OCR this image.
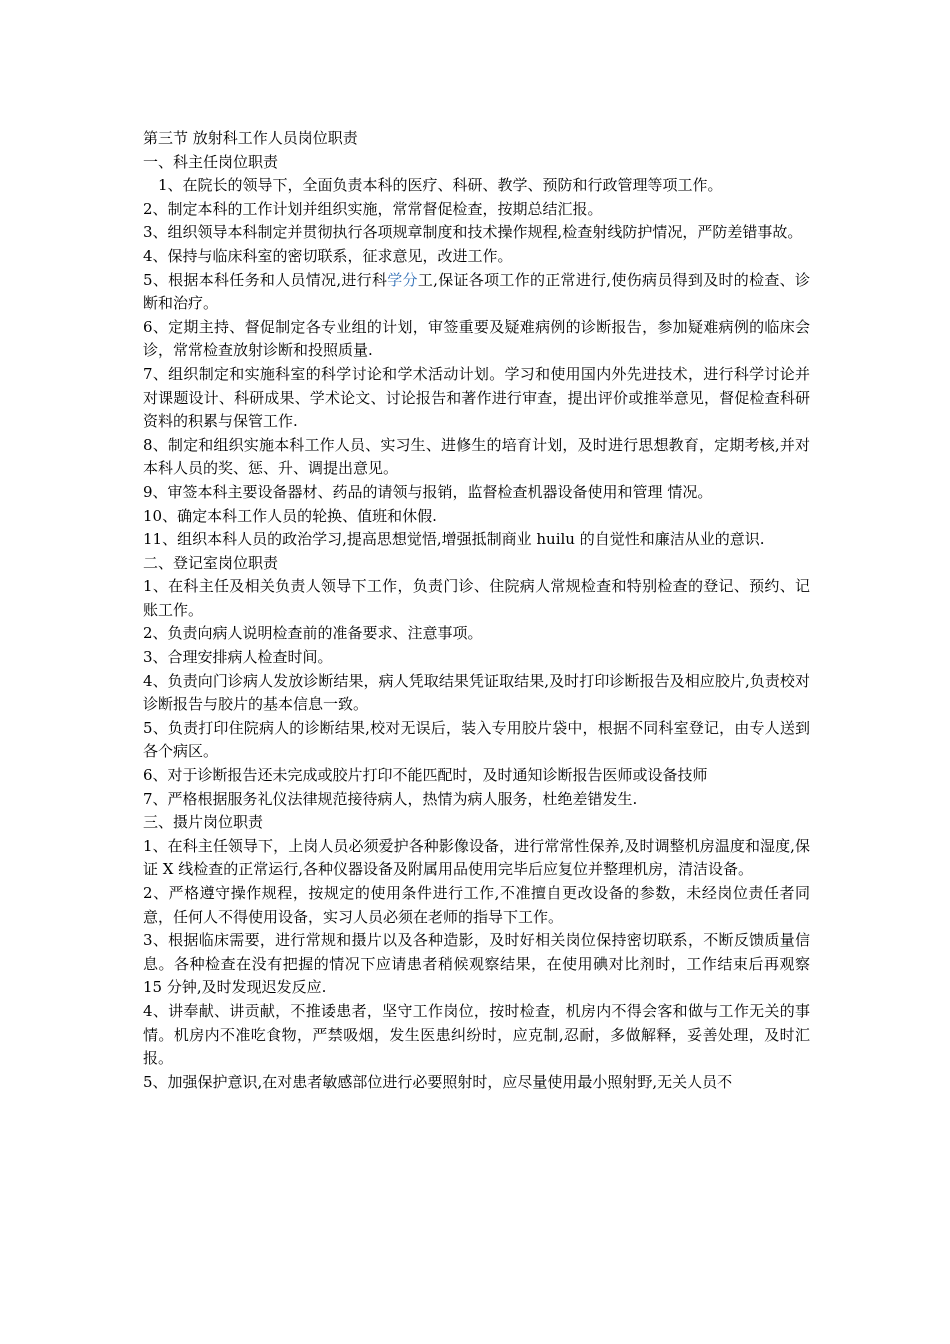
第三节 放射科工作人员岗位职责

一、科主任岗位职责

1、在院长的领导下，全面负责本科的医疗、科研、教学、预防和行政管理等项工作。

2、制定本科的工作计划并组织实施，常常督促检查，按期总结汇报。

3、组织领导本科制定并贯彻执行各项规章制度和技术操作规程,检查射线防护情况，严防差错事故。

4、保持与临床科室的密切联系，征求意见，改进工作。

5、根据本科任务和人员情况,进行科学分工,保证各项工作的正常进行,使伤病员得到及时的检查、诊断和治疗。

6、定期主持、督促制定各专业组的计划，审签重要及疑难病例的诊断报告，参加疑难病例的临床会诊，常常检查放射诊断和投照质量.

7、组织制定和实施科室的科学讨论和学术活动计划。学习和使用国内外先进技术，进行科学讨论并对课题设计、科研成果、学术论文、讨论报告和著作进行审查，提出评价或推举意见，督促检查科研资料的积累与保管工作.

8、制定和组织实施本科工作人员、实习生、进修生的培育计划，及时进行思想教育，定期考核,并对本科人员的奖、惩、升、调提出意见。

9、审签本科主要设备器材、药品的请领与报销，监督检查机器设备使用和管理 情况。

10、确定本科工作人员的轮换、值班和休假.

11、组织本科人员的政治学习,提高思想觉悟,增强抵制商业 huilu 的自觉性和廉洁从业的意识.

二、登记室岗位职责

1、在科主任及相关负责人领导下工作，负责门诊、住院病人常规检查和特别检查的登记、预约、记账工作。

2、负责向病人说明检查前的准备要求、注意事项。

3、合理安排病人检查时间。

4、负责向门诊病人发放诊断结果，病人凭取结果凭证取结果,及时打印诊断报告及相应胶片,负责校对诊断报告与胶片的基本信息一致。

5、负责打印住院病人的诊断结果,校对无误后，装入专用胶片袋中，根据不同科室登记，由专人送到各个病区。

6、对于诊断报告还未完成或胶片打印不能匹配时，及时通知诊断报告医师或设备技师

7、严格根据服务礼仪法律规范接待病人，热情为病人服务，杜绝差错发生.

三、摄片岗位职责

1、在科主任领导下，上岗人员必须爱护各种影像设备，进行常常性保养,及时调整机房温度和湿度,保证 X 线检查的正常运行,各种仪器设备及附属用品使用完毕后应复位并整理机房，清洁设备。

2、严格遵守操作规程，按规定的使用条件进行工作,不准擅自更改设备的参数，未经岗位责任者同意，任何人不得使用设备，实习人员必须在老师的指导下工作。

3、根据临床需要，进行常规和摄片以及各种造影，及时好相关岗位保持密切联系，不断反馈质量信息。各种检查在没有把握的情况下应请患者稍候观察结果，在使用碘对比剂时，工作结束后再观察 15 分钟,及时发现迟发反应.

4、讲奉献、讲贡献，不推诿患者，坚守工作岗位，按时检查，机房内不得会客和做与工作无关的事情。机房内不准吃食物，严禁吸烟，发生医患纠纷时，应克制,忍耐，多做解释，妥善处理，及时汇报。

5、加强保护意识,在对患者敏感部位进行必要照射时，应尽量使用最小照射野,无关人员不
